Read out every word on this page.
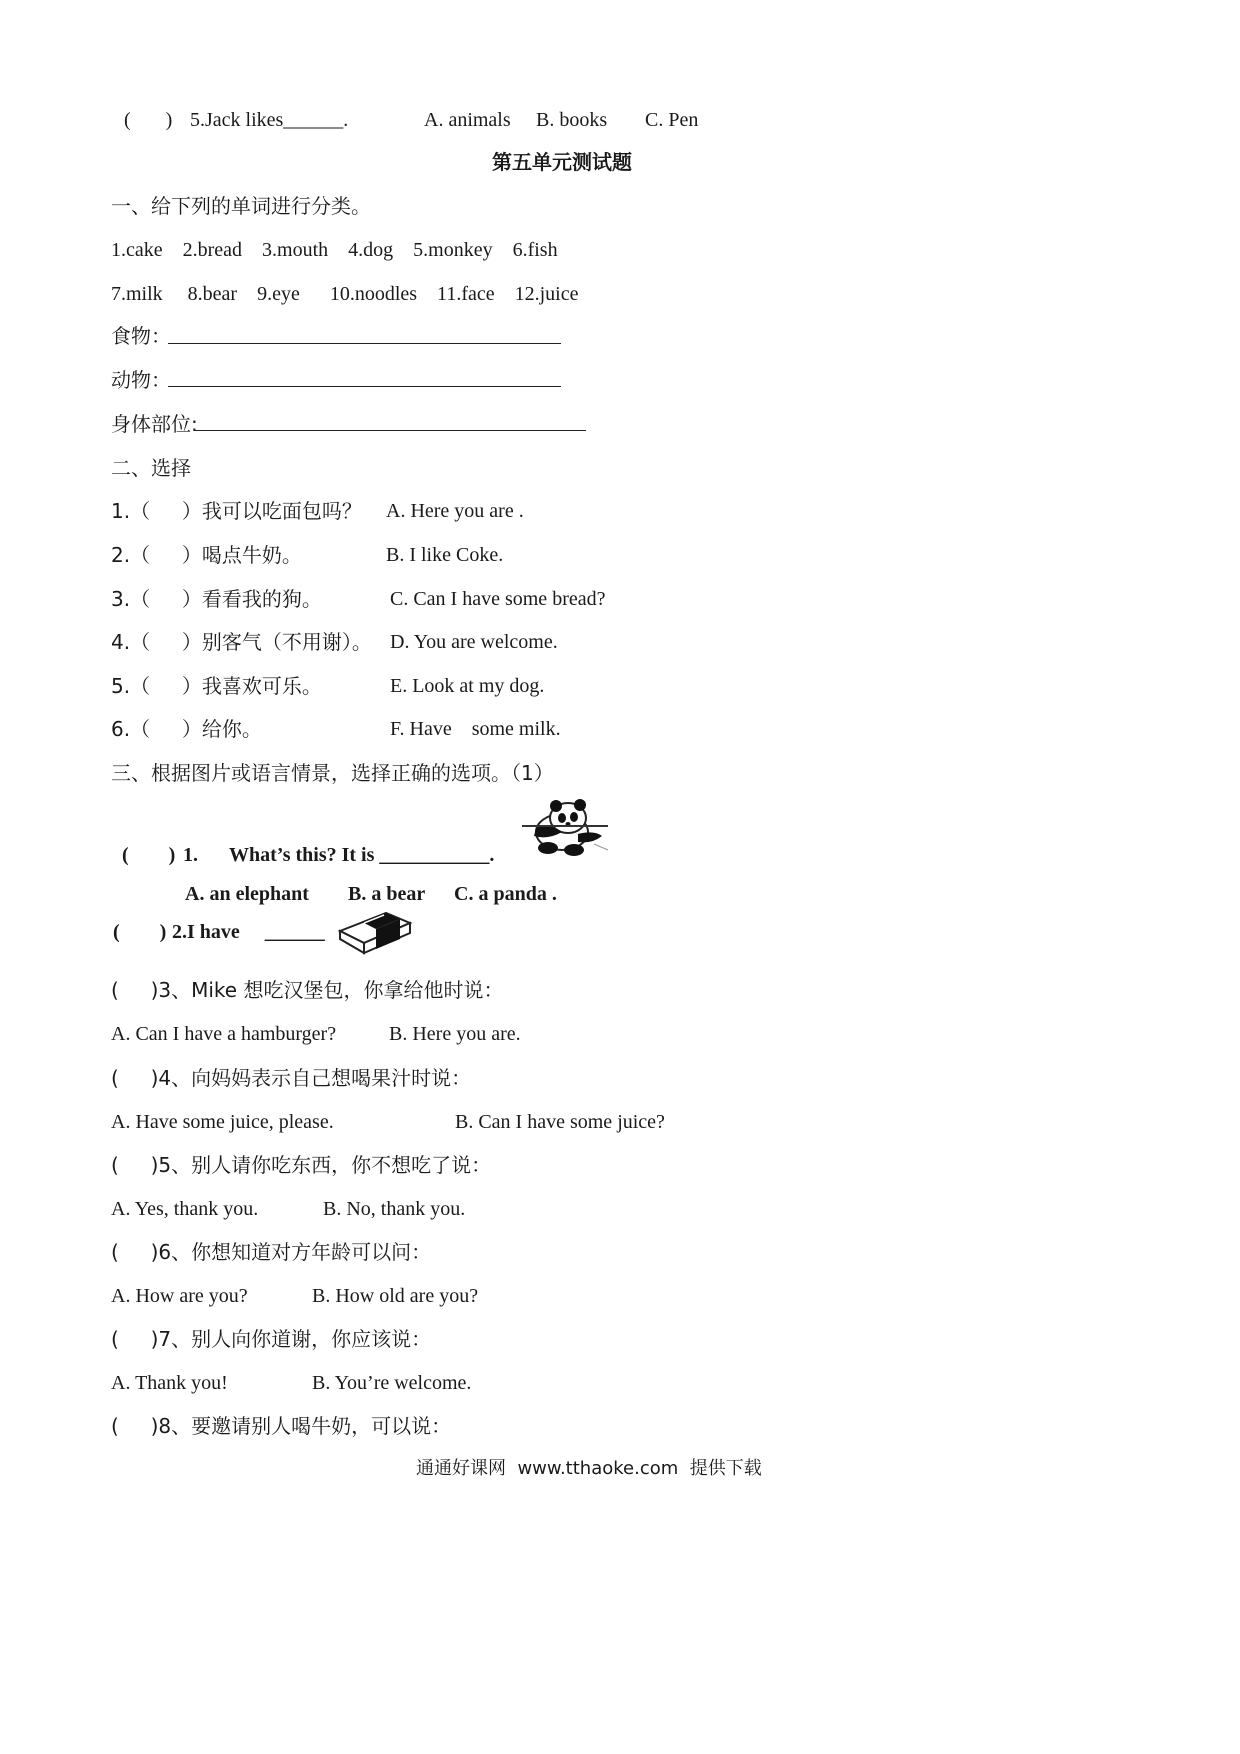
(       ) 5.Jack likes______.	A. animals B. books C. Pen
第五单元测试题
一、给下列的单词进行分类。
1.cake    2.bread    3.mouth    4.dog    5.monkey    6.fish
7.milk     8.bear    9.eye      10.noodles    11.face    12.juice
食物：
动物：
身体部位:
二、选择
1.（     ）我可以吃面包吗？ A. Here you are .
2.（     ）喝点牛奶。	B. I like Coke.
3.（     ）看看我的狗。	C. Can I have some bread?
4.（     ）别客气（不用谢）。 D. You are welcome.
5.（     ）我喜欢可乐。	E. Look at my dog.
6.（     ）给你。	F. Have    some milk.
三、根据图片或语言情景，选择正确的选项。（1）
(        ) 1. What’s this? It is ___________.
A. an elephant B. a bear C. a panda .
(        ) 2.I have     ______
(     )3、Mike 想吃汉堡包，你拿给他时说：
A. Can I have a hamburger?	B. Here you are.
(     )4、向妈妈表示自己想喝果汁时说：
A. Have some juice, please.	B. Can I have some juice?
(     )5、别人请你吃东西，你不想吃了说：
A. Yes, thank you.	B. No, thank you.
(     )6、你想知道对方年龄可以问：
A. How are you?	B. How old are you?
(     )7、别人向你道谢，你应该说：
A. Thank you!	B. You’re welcome.
(     )8、要邀请别人喝牛奶，可以说：
通通好课网  www.tthaoke.com  提供下载
